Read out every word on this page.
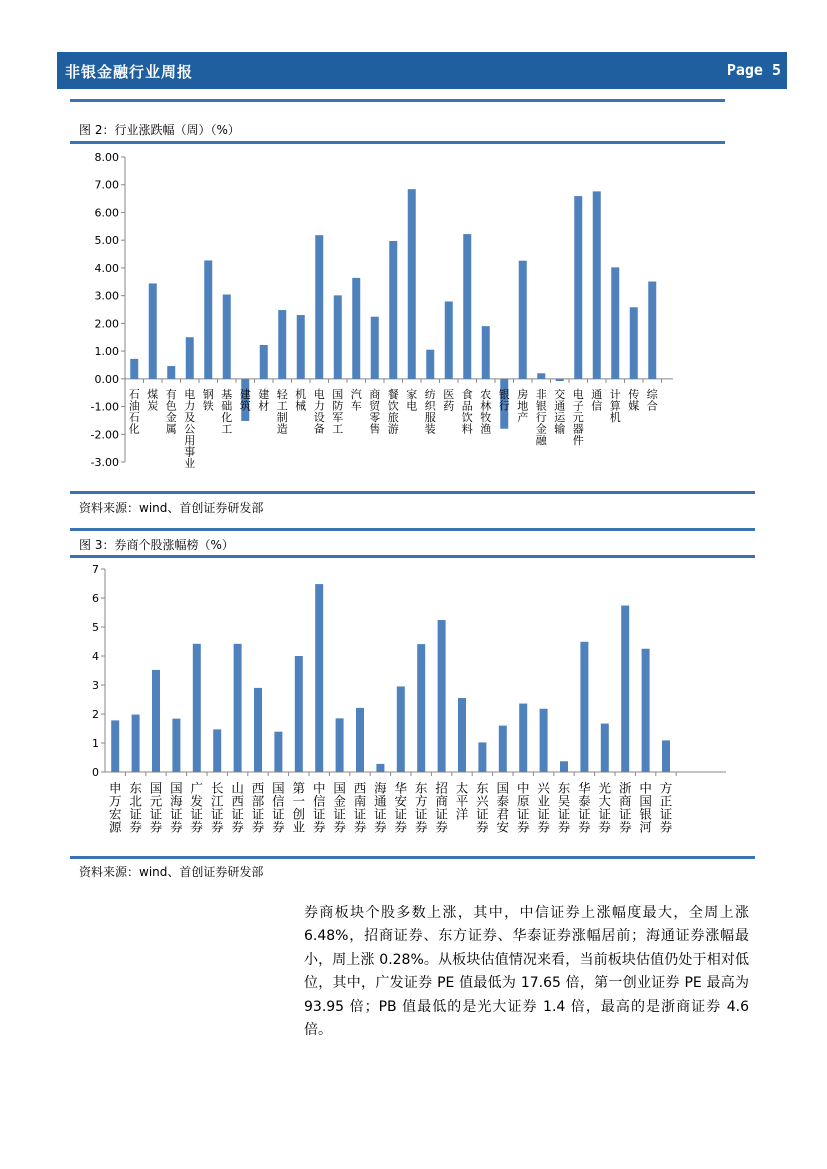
非银金融行业周报	Page 5
图 2：行业涨跌幅（周）（%）
8.00
7.00
6.00
5.00
4.00
3.00
2.00
1.00
0.00
-1.00
-2.00
-3.00
石油石化
煤炭
有色金属
电力及公用事业
钢铁
基础化工
建筑
建材
轻工制造
机械
电力设备
国防军工
汽车
商贸零售
餐饮旅游
家电
纺织服装
医药
食品饮料
农林牧渔
银行
房地产
非银行金融
交通运输
电子元器件
通信
计算机
传媒
综合
资料来源：wind、首创证券研发部
图 3：券商个股涨幅榜（%）
7
6
5
4
3
2
1
0
申万宏源
东北证券
国元证券
国海证券
广发证券
长江证券
山西证券
西部证券
国信证券
第一创业
中信证券
国金证券
西南证券
海通证券
华安证券
东方证券
招商证券
太平洋
东兴证券
国泰君安
中原证券
兴业证券
东吴证券
华泰证券
光大证券
浙商证券
中国银河
方正证券
资料来源：wind、首创证券研发部
券商板块个股多数上涨，其中，中信证券上涨幅度最大，全周上涨 6.48%，招商证券、东方证券、华泰证券涨幅居前；海通证券涨幅最小，周上涨 0.28%。从板块估值情况来看，当前板块估值仍处于相对低位，其中，广发证券 PE 值最低为 17.65 倍，第一创业证券 PE 最高为 93.95 倍；PB 值最低的是光大证券 1.4 倍，最高的是浙商证券 4.6 倍。
